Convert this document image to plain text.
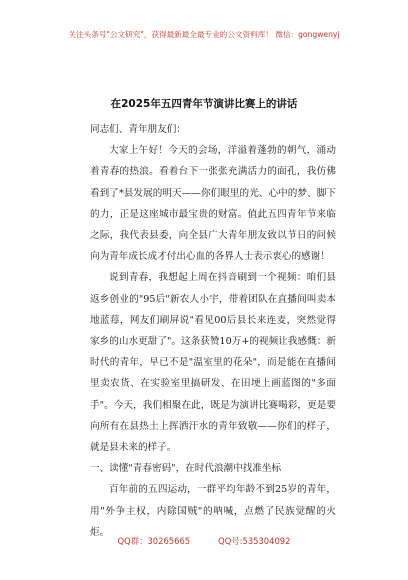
关注头条号"公文研究"，获得最新最全最专业的公文资料库！ 微信：gongwenyj
在2025年五四青年节演讲比赛上的讲话

同志们、青年朋友们：

大家上午好！今天的会场，洋溢着蓬勃的朝气，涌动着青春的热浪。看着台下一张张充满活力的面孔，我仿佛看到了*县发展的明天——你们眼里的光、心中的梦、脚下的力，正是这座城市最宝贵的财富。值此五四青年节来临之际，我代表县委，向全县广大青年朋友致以节日的问候向为青年成长成才付出心血的各界人士表示衷心的感谢！

说到青春，我想起上周在抖音刷到一个视频：咱们县返乡创业的"95后"新农人小宇，带着团队在直播间叫卖本地蓝莓，网友们刷屏说"看见00后县长来连麦，突然觉得家乡的山水更甜了"。这条获赞10万+的视频让我感慨：新时代的青年，早已不是"温室里的花朵"，而是能在直播间里卖农货、在实验室里搞研发、在田埂上画蓝图的"多面手"。今天，我们相聚在此，既是为演讲比赛喝彩，更是要向所有在县热土上挥洒汗水的青年致敬——你们的样子，就是县未来的样子。

一、读懂"青春密码"，在时代浪潮中找准坐标

百年前的五四运动，一群平均年龄不到25岁的青年，用"外争主权，内除国贼"的呐喊，点燃了民族觉醒的火炬。

QQ群：30265665	QQ号:535304092
